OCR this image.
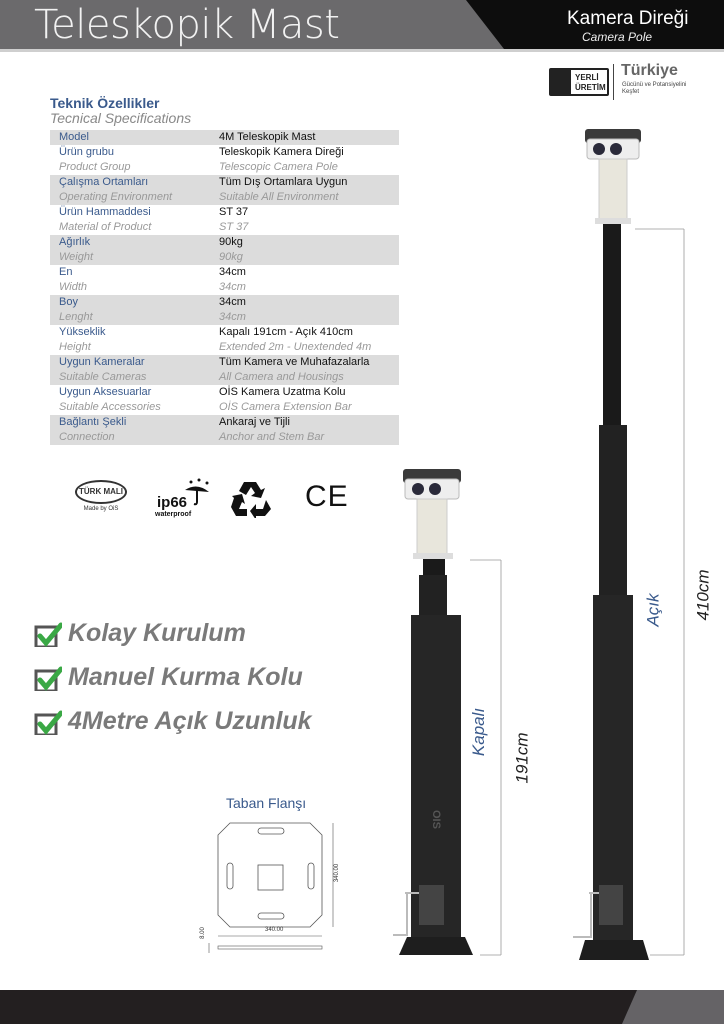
Teleskopik Mast	Kamera Direği
Camera Pole
YERLİ ÜRETİM
Türkiye
Gücünü ve Potansiyelini Keşfet
Teknik Özellikler
Tecnical Specifications
Model	4M Teleskopik Mast
Ürün grubu	Teleskopik Kamera Direği
Product Group	Telescopic Camera Pole
Çalışma Ortamları	Tüm Dış Ortamlara Uygun
Operating Environment	Suitable All Environment
Ürün Hammaddesi	ST 37
Material of Product	ST 37
Ağırlık	90kg
Weight	90kg
En	34cm
Width	34cm
Boy	34cm
Lenght	34cm
Yükseklik	Kapalı 191cm - Açık 410cm
Height	Extended 2m - Unextended 4m
Uygun Kameralar	Tüm Kamera ve Muhafazalarla
Suitable Cameras	All Camera and Housings
Uygun Aksesuarlar	OİS Kamera Uzatma Kolu
Suitable Accessories	OİS Camera Extension Bar
Bağlantı Şekli	Ankaraj ve Tijli
Connection	Anchor and Stem Bar
TÜRK MALI
Made by OiS	ip66
waterproof
CE
Kolay Kurulum
Manuel Kurma Kolu
4Metre Açık Uzunluk
Taban Flanşı
340.00
340.00
8.00
OIS
Kapalı
191cm
Açık 410cm
